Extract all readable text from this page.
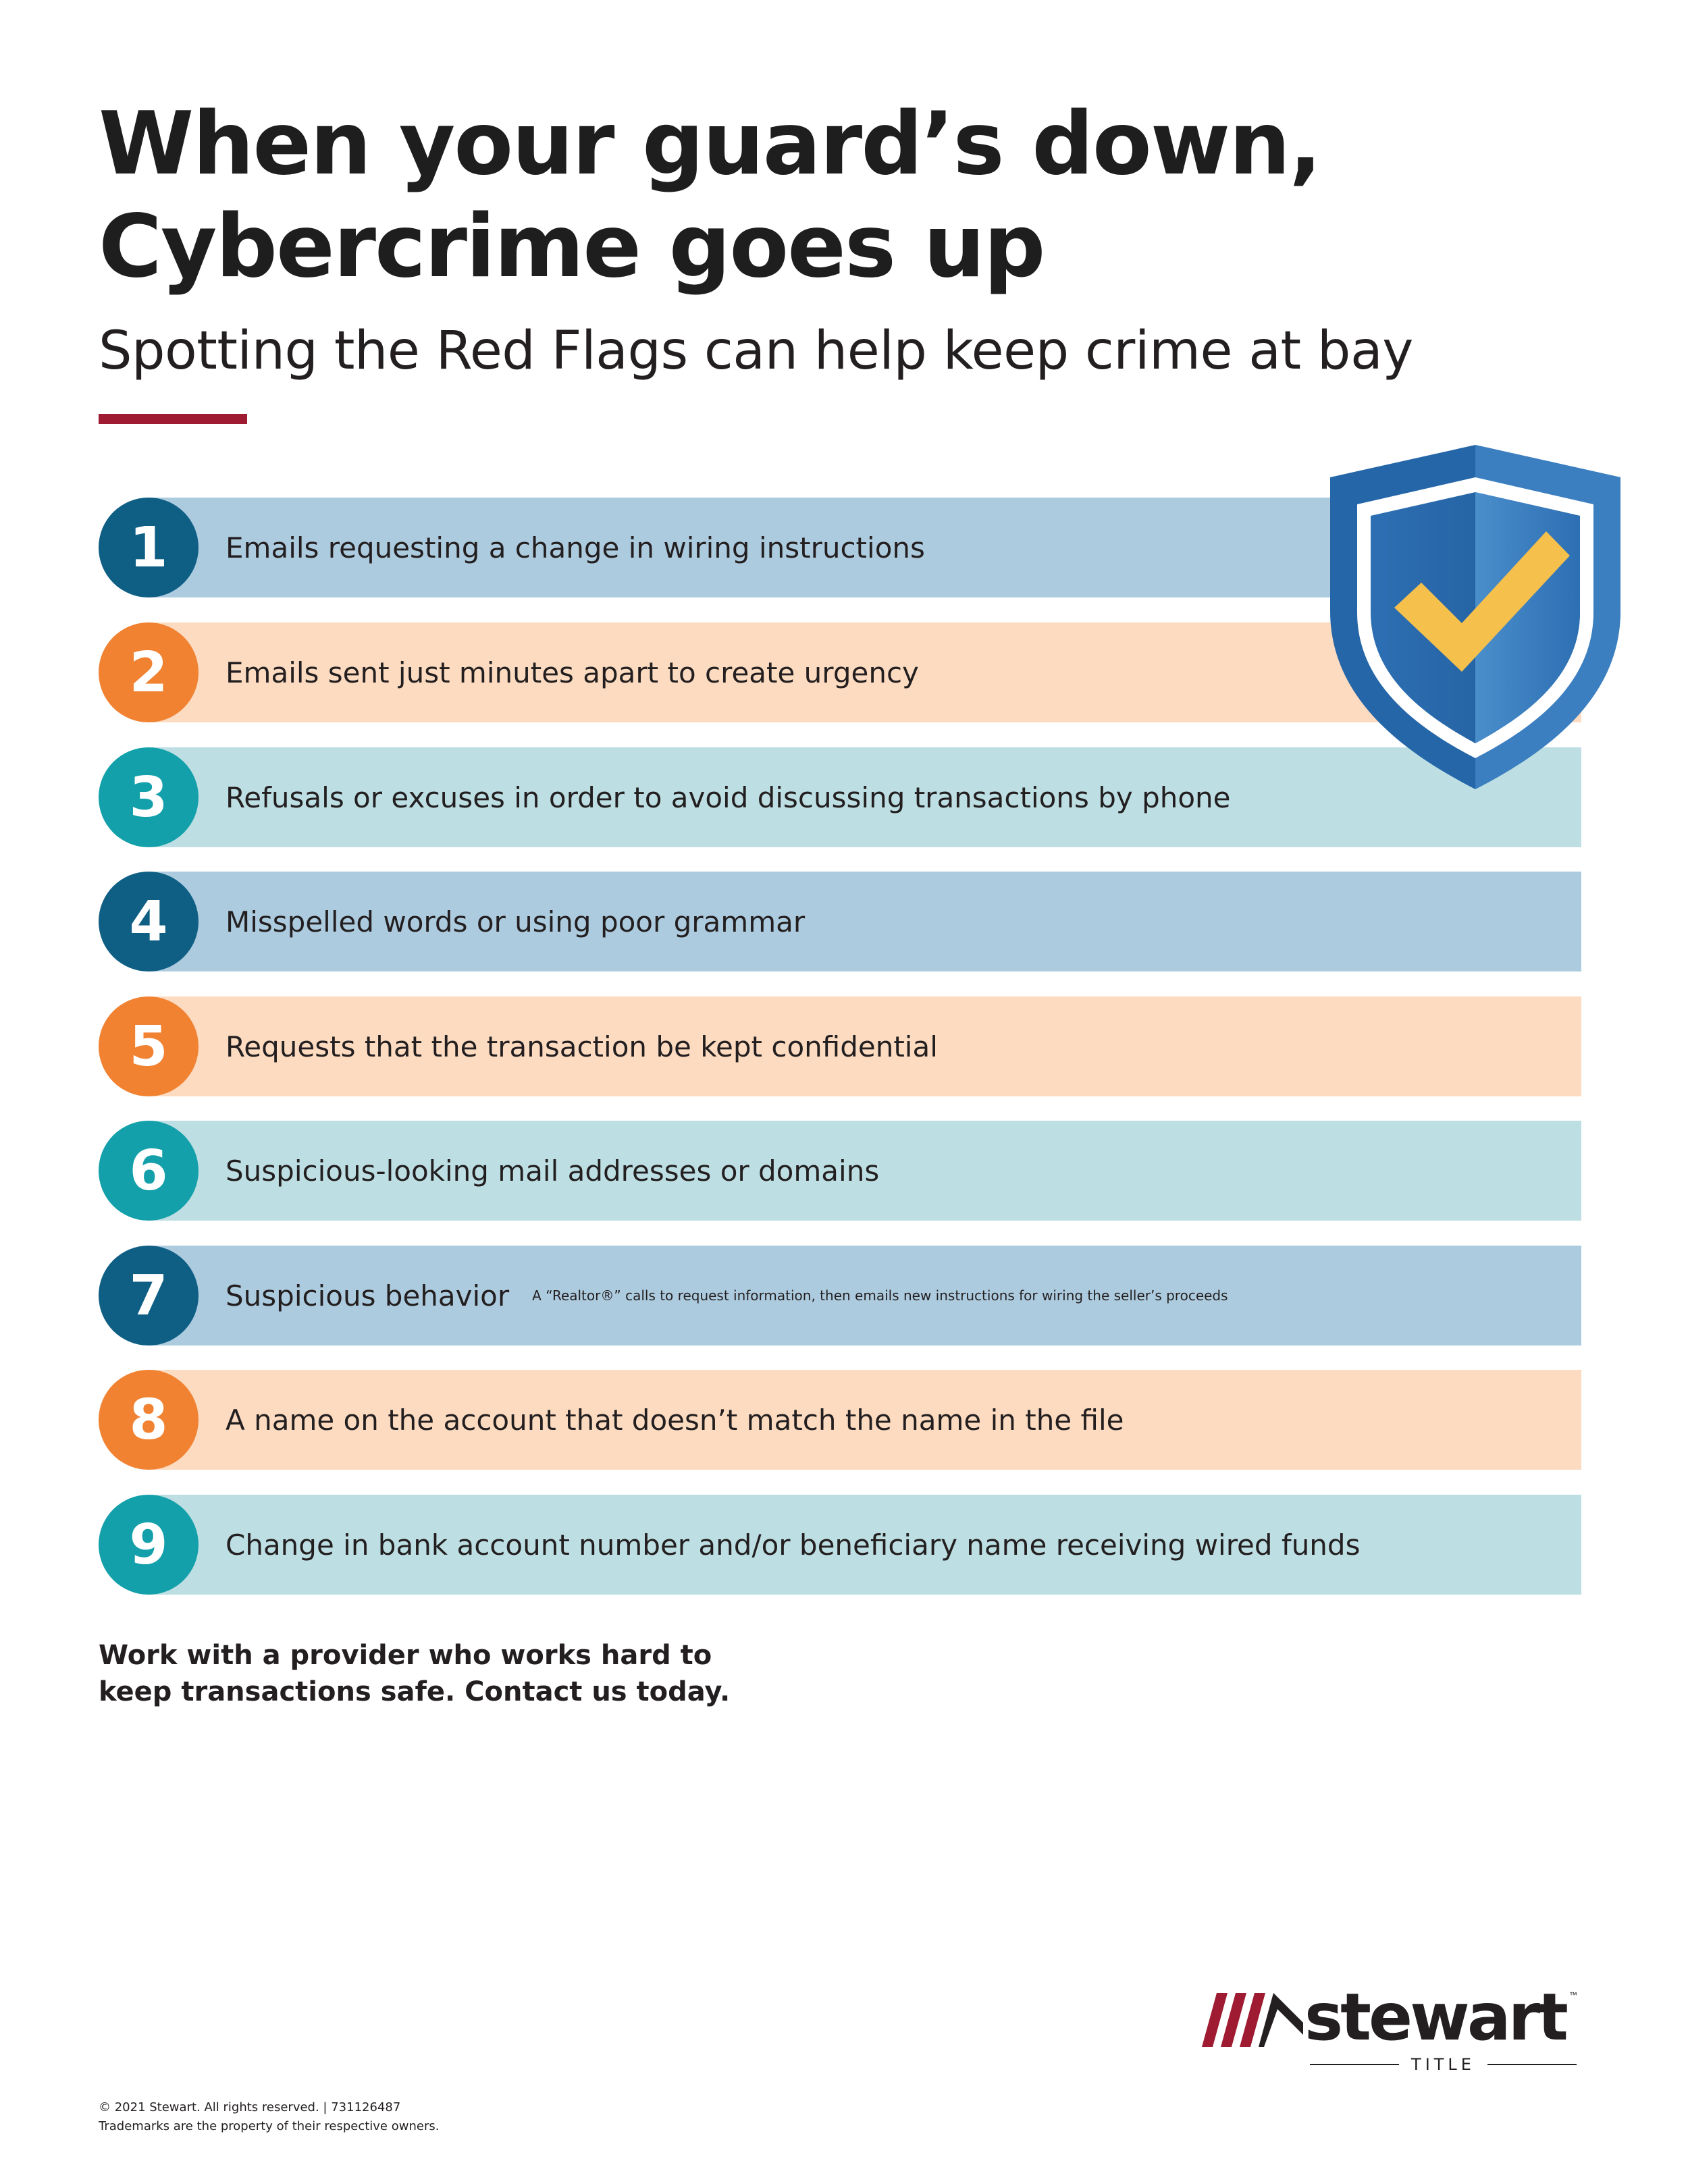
When your guard’s down,
Cybercrime goes up

Spotting the Red Flags can help keep crime at bay

1	Emails requesting a change in wiring instructions
2	Emails sent just minutes apart to create urgency
3	Refusals or excuses in order to avoid discussing transactions by phone
4	Misspelled words or using poor grammar
5	Requests that the transaction be kept confidential
6	Suspicious-looking mail addresses or domains
7	Suspicious behavior A “Realtor®” calls to request information, then emails new instructions for wiring the seller’s proceeds
8	A name on the account that doesn’t match the name in the file
9	Change in bank account number and/or beneficiary name receiving wired funds
Work with a provider who works hard to
keep transactions safe. Contact us today.
stewart ™
TITLE
© 2021 Stewart. All rights reserved. | 731126487
Trademarks are the property of their respective owners.
